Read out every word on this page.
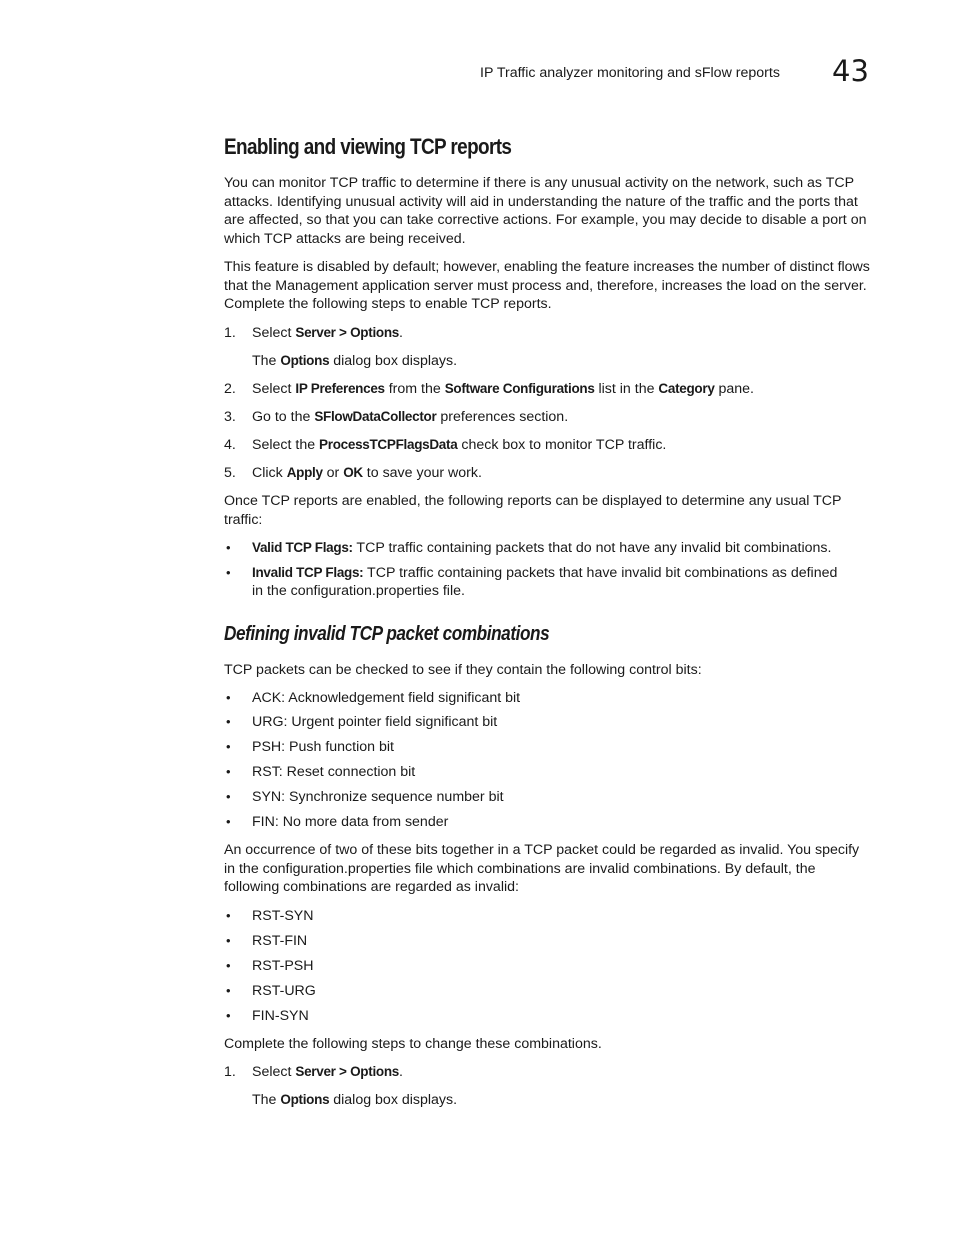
IP Traffic analyzer monitoring and sFlow reports 43
Enabling and viewing TCP reports

You can monitor TCP traffic to determine if there is any unusual activity on the network, such as TCP attacks. Identifying unusual activity will aid in understanding the nature of the traffic and the ports that are affected, so that you can take corrective actions. For example, you may decide to disable a port on which TCP attacks are being received.

This feature is disabled by default; however, enabling the feature increases the number of distinct flows that the Management application server must process and, therefore, increases the load on the server. Complete the following steps to enable TCP reports.

1. Select Server > Options.
The Options dialog box displays.
2. Select IP Preferences from the Software Configurations list in the Category pane.
3. Go to the SFlowDataCollector preferences section.
4. Select the ProcessTCPFlagsData check box to monitor TCP traffic.
5. Click Apply or OK to save your work.

Once TCP reports are enabled, the following reports can be displayed to determine any usual TCP traffic:

• Valid TCP Flags: TCP traffic containing packets that do not have any invalid bit combinations.
• Invalid TCP Flags: TCP traffic containing packets that have invalid bit combinations as defined
in the configuration.properties file.
Defining invalid TCP packet combinations

TCP packets can be checked to see if they contain the following control bits:

• ACK: Acknowledgement field significant bit
• URG: Urgent pointer field significant bit
• PSH: Push function bit
• RST: Reset connection bit
• SYN: Synchronize sequence number bit
• FIN: No more data from sender

An occurrence of two of these bits together in a TCP packet could be regarded as invalid. You specify in the configuration.properties file which combinations are invalid combinations. By default, the following combinations are regarded as invalid:

• RST-SYN
• RST-FIN
• RST-PSH
• RST-URG
• FIN-SYN

Complete the following steps to change these combinations.

1. Select Server > Options.
The Options dialog box displays.
